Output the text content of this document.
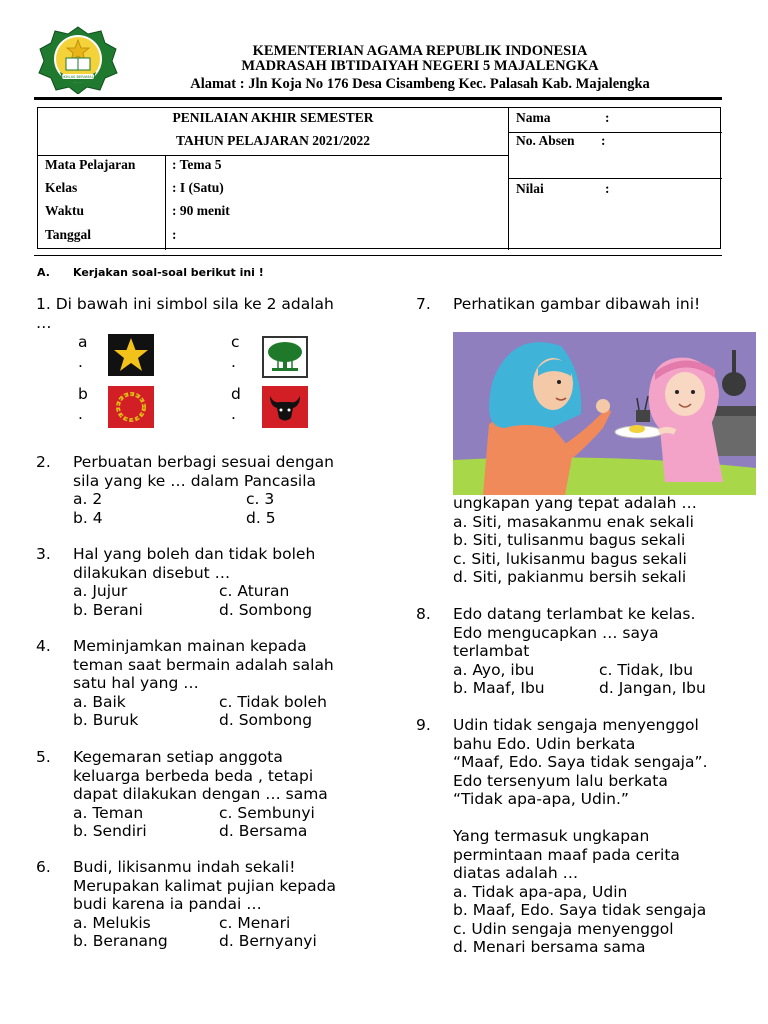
IKHLAS BERAMAL
KEMENTERIAN AGAMA REPUBLIK INDONESIA
MADRASAH IBTIDAIYAH NEGERI 5 MAJALENGKA
Alamat : Jln Koja No 176 Desa Cisambeng Kec. Palasah Kab. Majalengka
PENILAIAN AKHIR SEMESTER
TAHUN PELAJARAN 2021/2022
Mata Pelajaran	: Tema 5
Kelas	: I (Satu)
Waktu	: 90 menit
Tanggal	:
Nama	:
No. Absen :
Nilai	:
A. Kerjakan soal-soal berikut ini !
1. Di bawah ini simbol sila ke 2 adalah
…
a
.
b
.
c
.
d
.
2. Perbuatan berbagi sesuai dengan
sila yang ke … dalam Pancasila
a. 2	c. 3
b. 4	d. 5
3. Hal yang boleh dan tidak boleh
dilakukan disebut …
a. Jujur	c. Aturan
b. Berani	d. Sombong
4. Meminjamkan mainan kepada
teman saat bermain adalah salah
satu hal yang …
a. Baik	c. Tidak boleh
b. Buruk	d. Sombong
5. Kegemaran setiap anggota
keluarga berbeda beda , tetapi
dapat dilakukan dengan … sama
a. Teman	c. Sembunyi
b. Sendiri	d. Bersama
6. Budi, likisanmu indah sekali!
Merupakan kalimat pujian kepada
budi karena ia pandai …
a. Melukis	c. Menari
b. Beranang	d. Bernyanyi
7. Perhatikan gambar dibawah ini!
ungkapan yang tepat adalah …
a. Siti, masakanmu enak sekali
b. Siti, tulisanmu bagus sekali
c. Siti, lukisanmu bagus sekali
d. Siti, pakianmu bersih sekali
8. Edo datang terlambat ke kelas.
Edo mengucapkan … saya
terlambat
a. Ayo, ibu	c. Tidak, Ibu
b. Maaf, Ibu	d. Jangan, Ibu
9. Udin tidak sengaja menyenggol
bahu Edo. Udin berkata
“Maaf, Edo. Saya tidak sengaja”.
Edo tersenyum lalu berkata
“Tidak apa-apa, Udin.”
Yang termasuk ungkapan
permintaan maaf pada cerita
diatas adalah …
a. Tidak apa-apa, Udin
b. Maaf, Edo. Saya tidak sengaja
c. Udin sengaja menyenggol
d. Menari bersama sama
